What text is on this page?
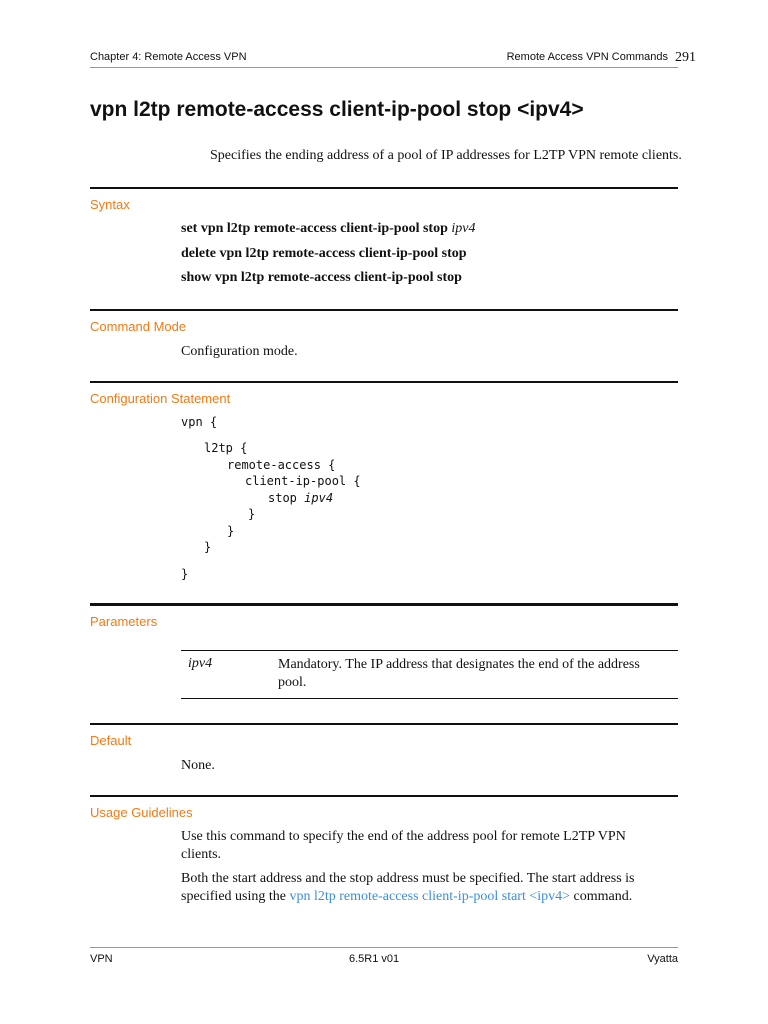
Chapter 4: Remote Access VPN	Remote Access VPN Commands 291
vpn l2tp remote-access client-ip-pool stop <ipv4>
Specifies the ending address of a pool of IP addresses for L2TP VPN remote clients.
Syntax
set vpn l2tp remote-access client-ip-pool stop ipv4
delete vpn l2tp remote-access client-ip-pool stop
show vpn l2tp remote-access client-ip-pool stop
Command Mode
Configuration mode.
Configuration Statement
vpn {
l2tp {
remote-access {
client-ip-pool {
stop ipv4
}
}
}
}
Parameters
ipv4	Mandatory. The IP address that designates the end of the address pool.
Default
None.
Usage Guidelines
Use this command to specify the end of the address pool for remote L2TP VPN clients.
Both the start address and the stop address must be specified. The start address is specified using the vpn l2tp remote-access client-ip-pool start <ipv4> command.
VPN	6.5R1 v01	Vyatta
